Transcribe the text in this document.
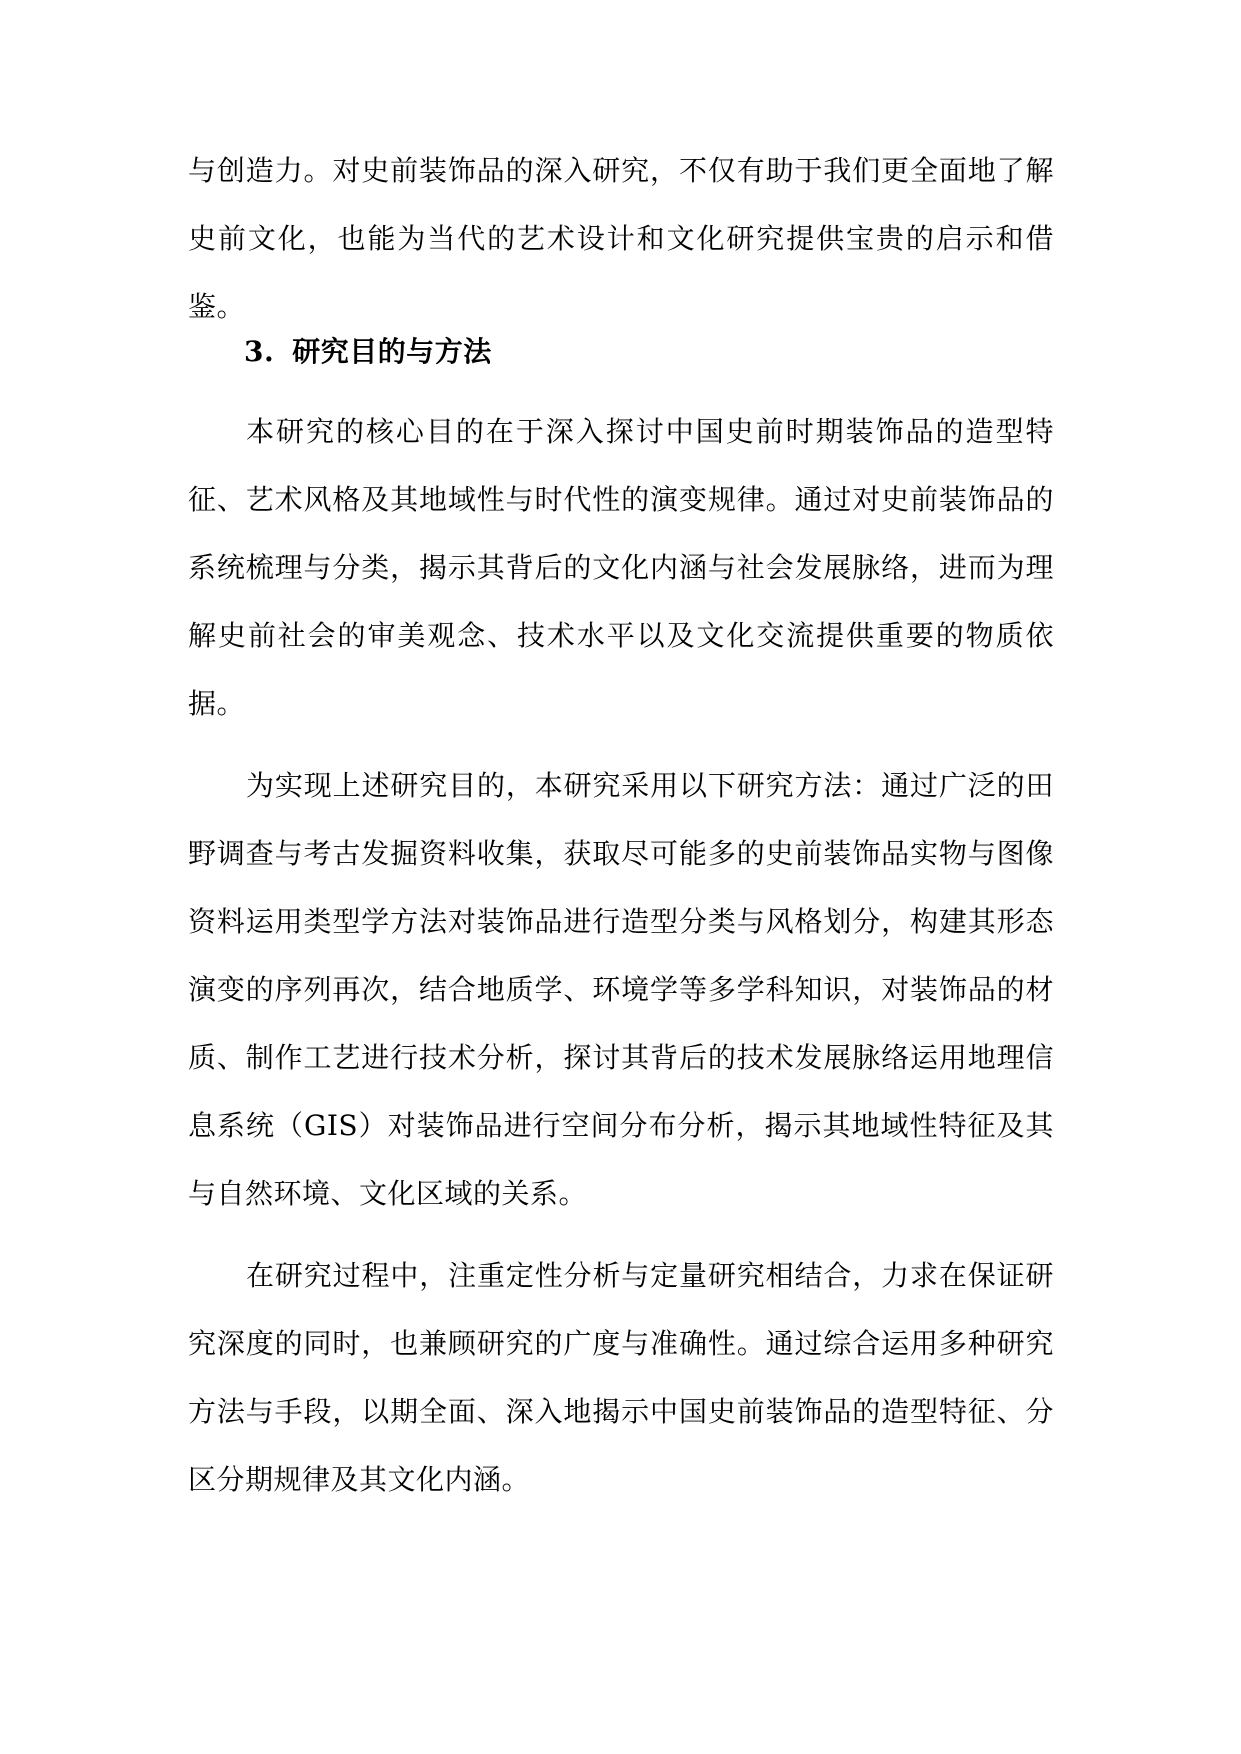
与创造力。对史前装饰品的深入研究，不仅有助于我们更全面地了解史前文化，也能为当代的艺术设计和文化研究提供宝贵的启示和借鉴。
3. 研究目的与方法

本研究的核心目的在于深入探讨中国史前时期装饰品的造型特征、艺术风格及其地域性与时代性的演变规律。通过对史前装饰品的系统梳理与分类，揭示其背后的文化内涵与社会发展脉络，进而为理解史前社会的审美观念、技术水平以及文化交流提供重要的物质依据。

为实现上述研究目的，本研究采用以下研究方法：通过广泛的田野调查与考古发掘资料收集，获取尽可能多的史前装饰品实物与图像资料运用类型学方法对装饰品进行造型分类与风格划分，构建其形态演变的序列再次，结合地质学、环境学等多学科知识，对装饰品的材质、制作工艺进行技术分析，探讨其背后的技术发展脉络运用地理信息系统（GIS）对装饰品进行空间分布分析，揭示其地域性特征及其与自然环境、文化区域的关系。

在研究过程中，注重定性分析与定量研究相结合，力求在保证研究深度的同时，也兼顾研究的广度与准确性。通过综合运用多种研究方法与手段，以期全面、深入地揭示中国史前装饰品的造型特征、分区分期规律及其文化内涵。
